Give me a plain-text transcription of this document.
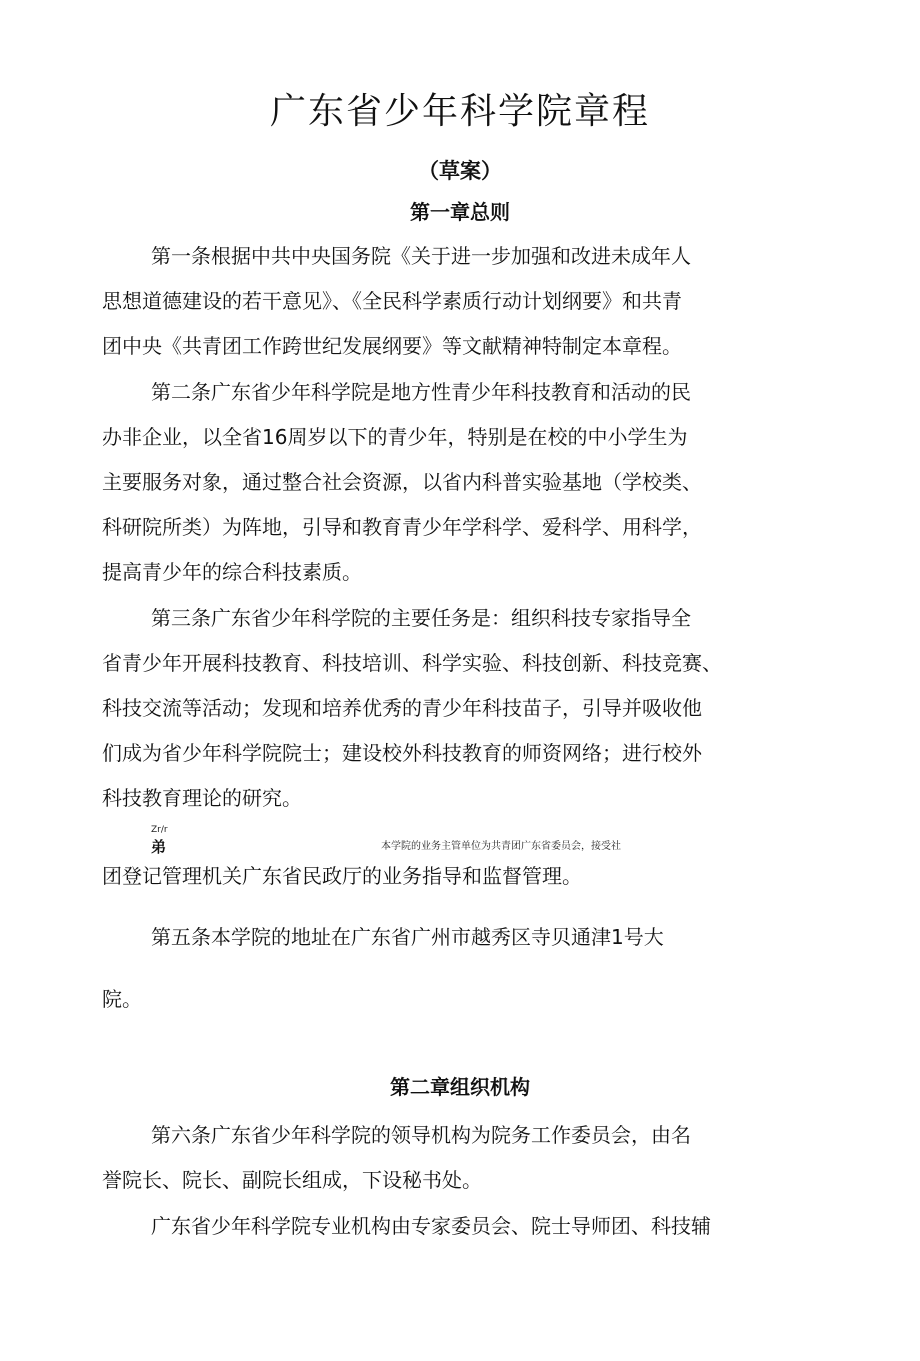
广东省少年科学院章程
（草案）
第一章总则
第一条根据中共中央国务院《关于进一步加强和改进未成年人
思想道德建设的若干意见》、《全民科学素质行动计划纲要》和共青
团中央《共青团工作跨世纪发展纲要》等文献精神特制定本章程。
第二条广东省少年科学院是地方性青少年科技教育和活动的民
办非企业，以全省16周岁以下的青少年，特别是在校的中小学生为
主要服务对象，通过整合社会资源，以省内科普实验基地（学校类、
科研院所类）为阵地，引导和教育青少年学科学、爱科学、用科学，
提高青少年的综合科技素质。
第三条广东省少年科学院的主要任务是：组织科技专家指导全
省青少年开展科技教育、科技培训、科学实验、科技创新、科技竞赛、
科技交流等活动；发现和培养优秀的青少年科技苗子，引导并吸收他
们成为省少年科学院院士；建设校外科技教育的师资网络；进行校外
科技教育理论的研究。
Zr/r
弟	本学院的业务主管单位为共青团广东省委员会，接受社
团登记管理机关广东省民政厅的业务指导和监督管理。
第五条本学院的地址在广东省广州市越秀区寺贝通津1号大
院。
第二章组织机构
第六条广东省少年科学院的领导机构为院务工作委员会，由名
誉院长、院长、副院长组成，下设秘书处。
广东省少年科学院专业机构由专家委员会、院士导师团、科技辅
